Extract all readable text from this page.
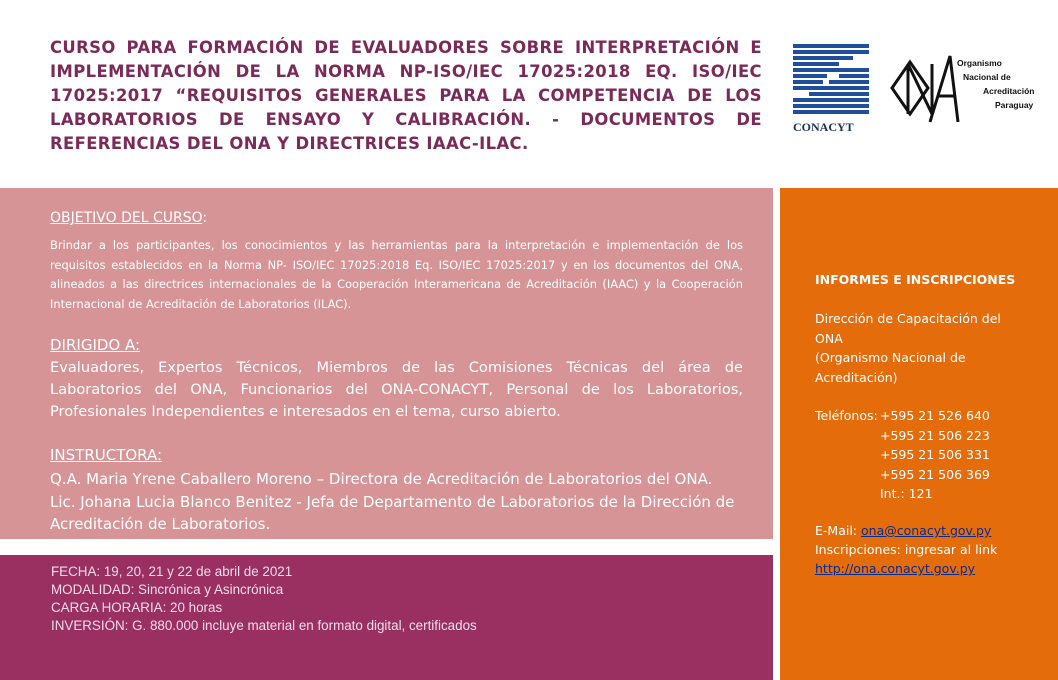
CURSO PARA FORMACIÓN DE EVALUADORES SOBRE INTERPRETACIÓN E IMPLEMENTACIÓN DE LA NORMA NP-ISO/IEC 17025:2018 EQ. ISO/IEC 17025:2017 “REQUISITOS GENERALES PARA LA COMPETENCIA DE LOS LABORATORIOS DE ENSAYO Y CALIBRACIÓN. - DOCUMENTOS DE REFERENCIAS DEL ONA Y DIRECTRICES IAAC-ILAC.
CONACYT
Organismo
Nacional de
Acreditación
Paraguay
OBJETIVO DEL CURSO:
Brindar a los participantes, los conocimientos y las herramientas para la interpretación e implementación de los requisitos establecidos en la Norma NP- ISO/IEC 17025:2018 Eq. ISO/IEC 17025:2017 y en los documentos del ONA, alineados a las directrices internacionales de la Cooperación Interamericana de Acreditación (IAAC) y la Cooperación Internacional de Acreditación de Laboratorios (ILAC).
DIRIGIDO A:
Evaluadores, Expertos Técnicos, Miembros de las Comisiones Técnicas del área de Laboratorios del ONA, Funcionarios del ONA-CONACYT, Personal de los Laboratorios, Profesionales Independientes e interesados en el tema, curso abierto.
INSTRUCTORA:
Q.A. Maria Yrene Caballero Moreno – Directora de Acreditación de Laboratorios del ONA.
Lic. Johana Lucia Blanco Benitez - Jefa de Departamento de Laboratorios de la Dirección de Acreditación de Laboratorios.
FECHA: 19, 20, 21 y 22 de abril de 2021
MODALIDAD: Sincrónica y Asincrónica
CARGA HORARIA: 20 horas
INVERSIÓN: G. 880.000 incluye material en formato digital, certificados
INFORMES E INSCRIPCIONES
Dirección de Capacitación del
ONA
(Organismo Nacional de
Acreditación)
Teléfonos: +595 21 526 640
+595 21 506 223
+595 21 506 331
+595 21 506 369
Int.: 121
E-Mail: ona@conacyt.gov.py
Inscripciones: ingresar al link
http://ona.conacyt.gov.py
